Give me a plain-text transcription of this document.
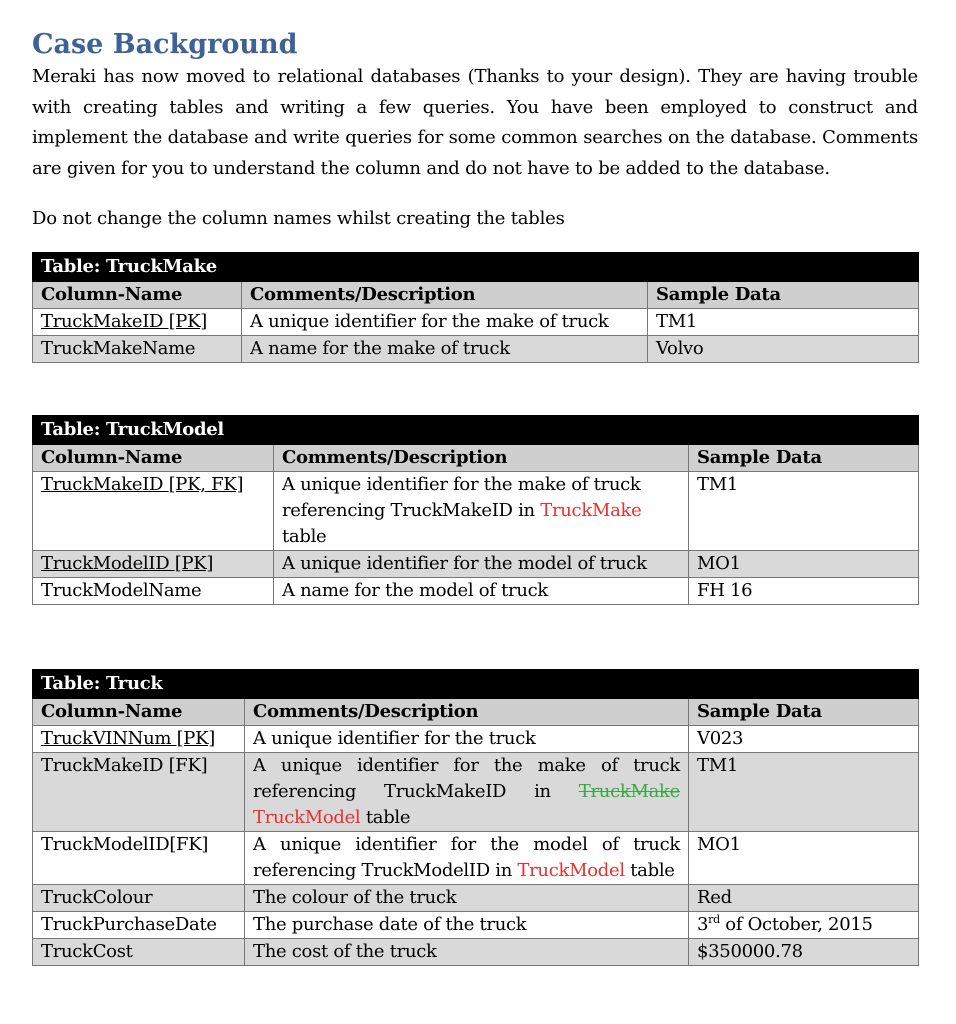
Case Background

Meraki has now moved to relational databases (Thanks to your design). They are having trouble with creating tables and writing a few queries. You have been employed to construct and implement the database and write queries for some common searches on the database. Comments are given for you to understand the column and do not have to be added to the database.

Do not change the column names whilst creating the tables

Table: TruckMake		
Column-Name	Comments/Description	Sample Data
TruckMakeID [PK]	A unique identifier for the make of truck	TM1
TruckMakeName	A name for the make of truck	Volvo
Table: TruckModel		
Column-Name	Comments/Description	Sample Data
TruckMakeID [PK, FK]	A unique identifier for the make of truck referencing TruckMakeID in TruckMake table	TM1
TruckModelID [PK]	A unique identifier for the model of truck	MO1
TruckModelName	A name for the model of truck	FH 16
Table: Truck		
Column-Name	Comments/Description	Sample Data
TruckVINNum [PK]	A unique identifier for the truck	V023
TruckMakeID [FK]	A unique identifier for the make of truck referencing TruckMakeID in TruckMake TruckModel table	TM1
TruckModelID[FK]	A unique identifier for the model of truck referencing TruckModelID in TruckModel table	MO1
TruckColour	The colour of the truck	Red
TruckPurchaseDate	The purchase date of the truck	3rd of October, 2015
TruckCost	The cost of the truck	$350000.78
